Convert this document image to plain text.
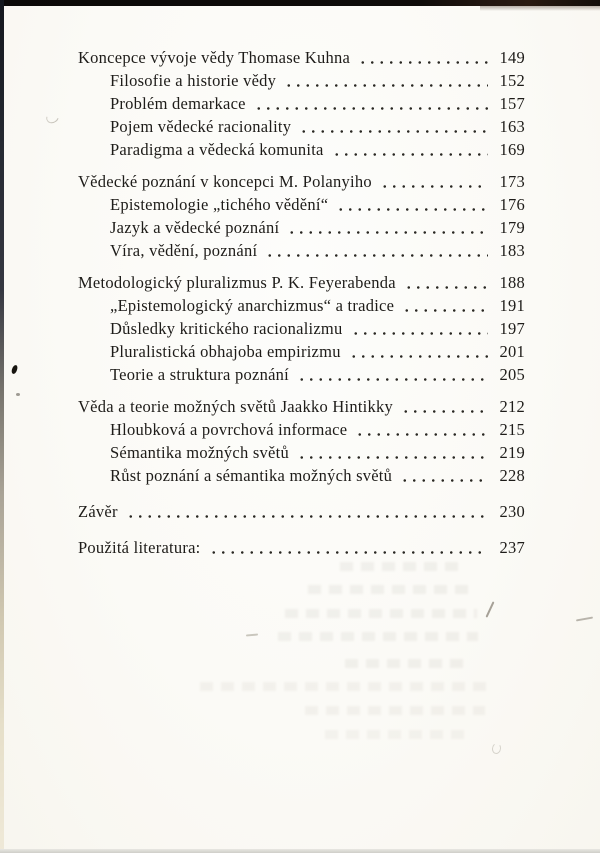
Koncepce vývoje vědy Thomase Kuhna	149
Filosofie a historie vědy	152
Problém demarkace	157
Pojem vědecké racionality	163
Paradigma a vědecká komunita	169
Vědecké poznání v koncepci M. Polanyiho	173
Epistemologie „tichého vědění“	176
Jazyk a vědecké poznání	179
Víra, vědění, poznání	183
Metodologický pluralizmus P. K. Feyerabenda	188
„Epistemologický anarchizmus“ a tradice	191
Důsledky kritického racionalizmu	197
Pluralistická obhajoba empirizmu	201
Teorie a struktura poznání	205
Věda a teorie možných světů Jaakko Hintikky	212
Hloubková a povrchová informace	215
Sémantika možných světů	219
Růst poznání a sémantika možných světů	228
Závěr	230
Použitá literatura:	237
